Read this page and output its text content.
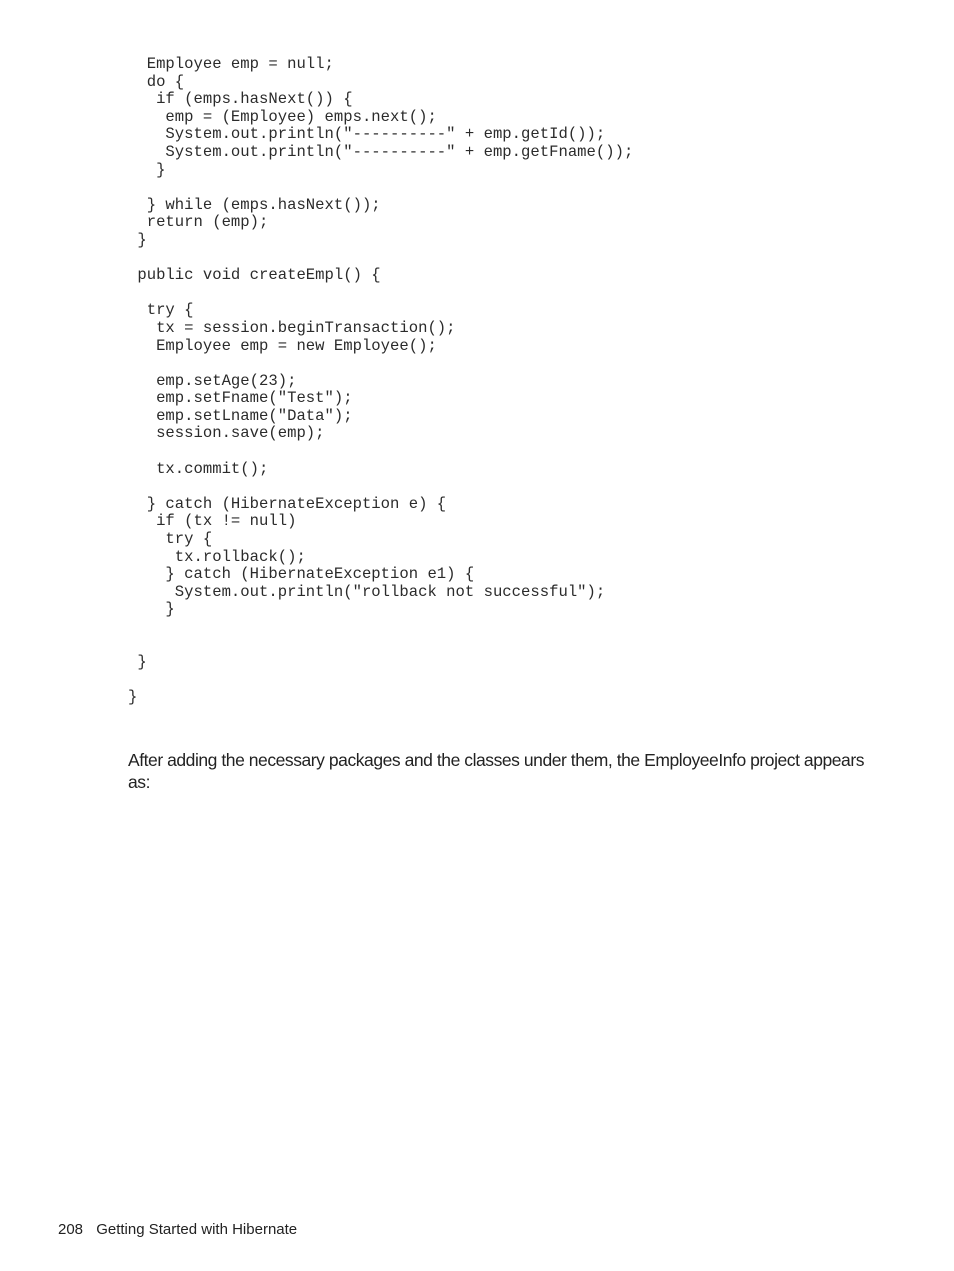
Employee emp = null;
do {
if (emps.hasNext()) {
emp = (Employee) emps.next();
System.out.println("----------" + emp.getId());
System.out.println("----------" + emp.getFname());
}
} while (emps.hasNext());
return (emp);
}
public void createEmpl() {
try {
tx = session.beginTransaction();
Employee emp = new Employee();
emp.setAge(23);
emp.setFname("Test");
emp.setLname("Data");
session.save(emp);
tx.commit();
} catch (HibernateException e) {
if (tx != null)
try {
tx.rollback();
} catch (HibernateException e1) {
System.out.println("rollback not successful");
}
}
}

After adding the necessary packages and the classes under them, the EmployeeInfo project appears as:

208 Getting Started with Hibernate
